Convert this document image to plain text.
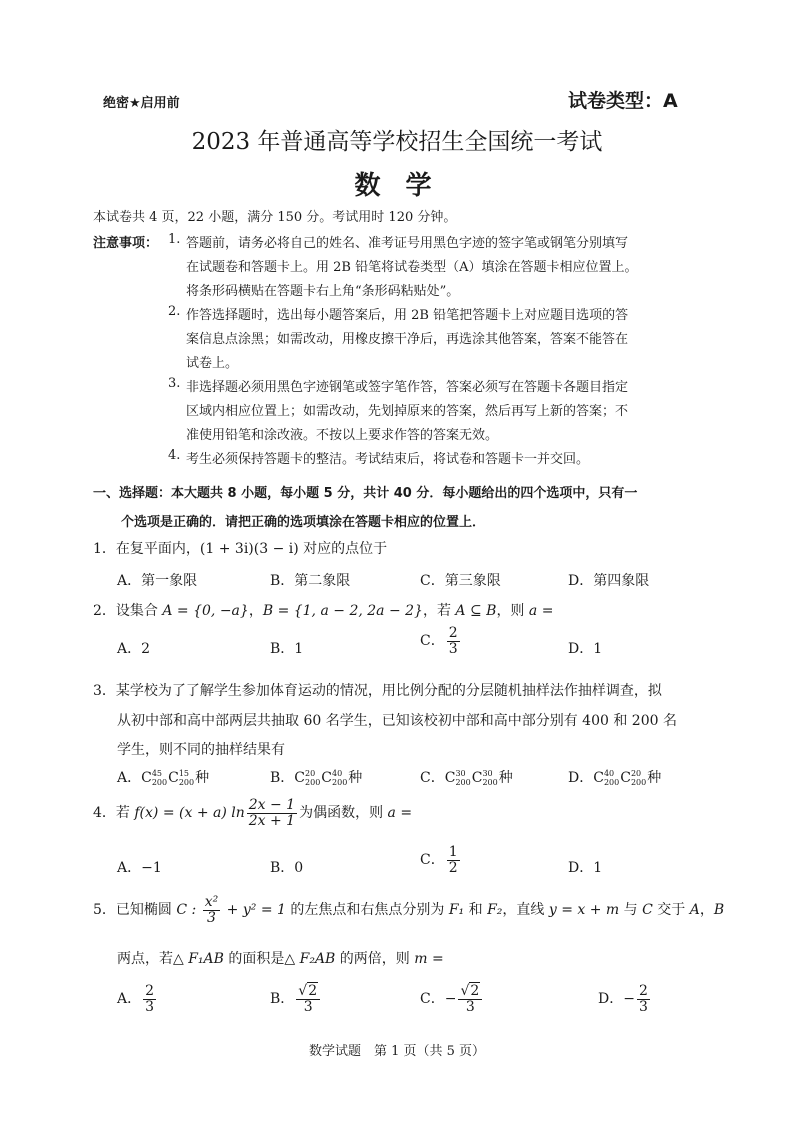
绝密★启用前	试卷类型：A
2023 年普通高等学校招生全国统一考试
数 学
本试卷共 4 页，22 小题，满分 150 分。考试用时 120 分钟。
注意事项： 1. 答题前，请务必将自己的姓名、准考证号用黑色字迹的签字笔或钢笔分别填写
在试题卷和答题卡上。用 2B 铅笔将试卷类型（A）填涂在答题卡相应位置上。
将条形码横贴在答题卡右上角“条形码粘贴处”。
2. 作答选择题时，选出每小题答案后，用 2B 铅笔把答题卡上对应题目选项的答
案信息点涂黑；如需改动，用橡皮擦干净后，再选涂其他答案，答案不能答在
试卷上。
3. 非选择题必须用黑色字迹钢笔或签字笔作答，答案必须写在答题卡各题目指定
区域内相应位置上；如需改动，先划掉原来的答案，然后再写上新的答案；不
准使用铅笔和涂改液。不按以上要求作答的答案无效。
4. 考生必须保持答题卡的整洁。考试结束后，将试卷和答题卡一并交回。
一、选择题：本大题共 8 小题，每小题 5 分，共计 40 分．每小题给出的四个选项中，只有一
个选项是正确的．请把正确的选项填涂在答题卡相应的位置上．
1．在复平面内，(1 + 3i)(3 − i) 对应的点位于
A．第一象限	B．第二象限	C．第三象限	D．第四象限
2．设集合 A = {0, −a}，B = {1, a − 2, 2a − 2}，若 A ⊆ B，则 a =
A．2	B．1	C． $\frac{2}{3}$	D．1
3．某学校为了了解学生参加体育运动的情况，用比例分配的分层随机抽样法作抽样调查，拟
从初中部和高中部两层共抽取 60 名学生，已知该校初中部和高中部分别有 400 和 200 名
学生，则不同的抽样结果有
A．C 45
200 C 15
200 种	B．C 20
200 C 40
200 种	C．C 30
200 C 30
200 种	D．C 40
200 C 20
200 种
4．若 f(x) = (x + a) $\ln \frac{2x - 1}{2x + 1}$ 为偶函数，则 a =
A．−1	B．0	C． $\frac{1}{2}$	D．1
5．已知椭圆 C : $\frac{\text{x²}}{3} + y^2 = 1$ 的左焦点和右焦点分别为 F₁ 和 F₂，直线 y = x + m 与 C 交于 A，B
两点，若△ F₁AB 的面积是△ F₂AB 的两倍，则 m =
A． $\frac{2}{3}$	B． $\frac{√2}{3}$	C．− $\frac{√2}{3}$	D．− $\frac{2}{3}$
数学试题　第 1 页（共 5 页）
